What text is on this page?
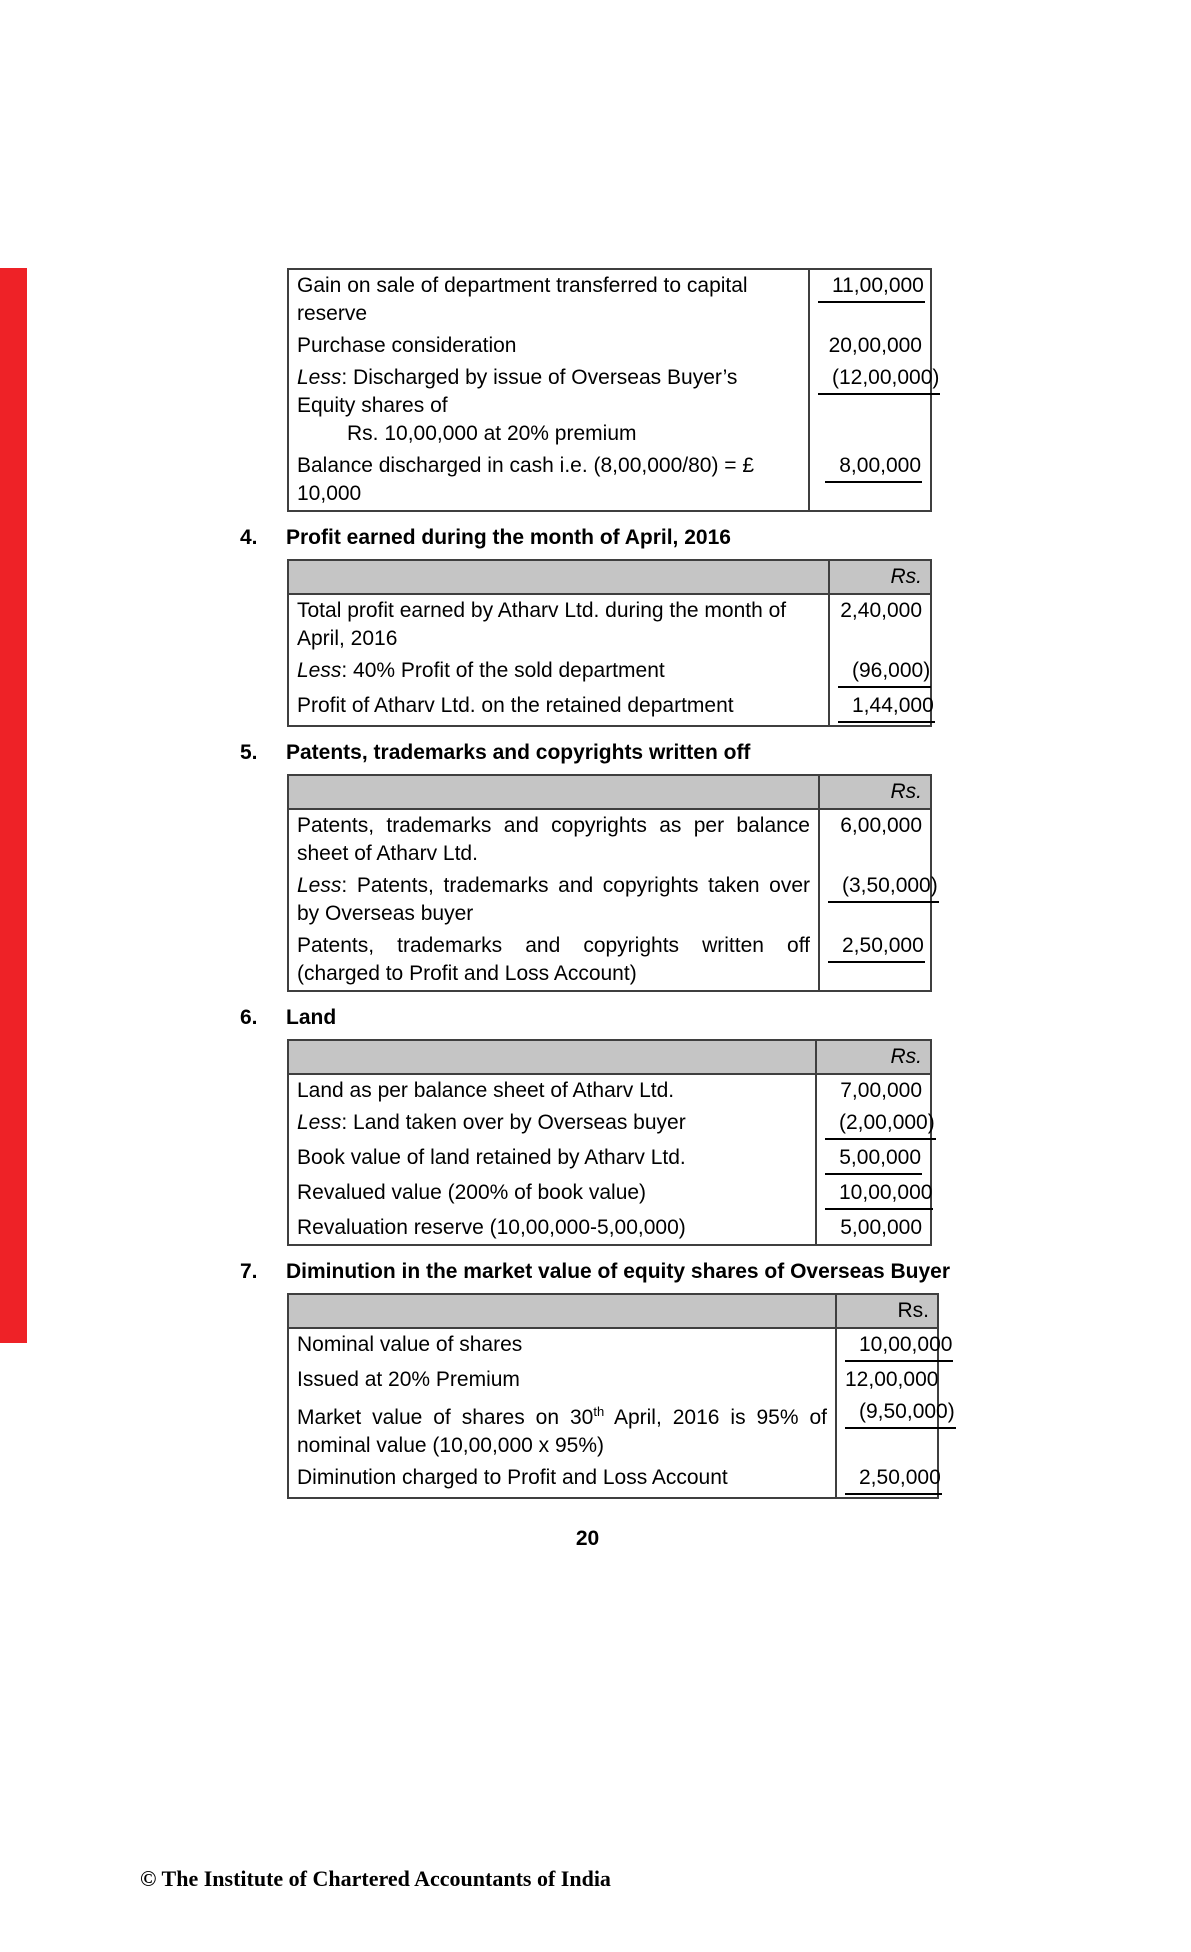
Gain on sale of department transferred to capital reserve	11,00,000
Purchase consideration	20,00,000
Less: Discharged by issue of Overseas Buyer’s Equity shares of
Rs. 10,00,000 at 20% premium	(12,00,000)
Balance discharged in cash i.e. (8,00,000/80) = £ 10,000	8,00,000
4. Profit earned during the month of April, 2016
	Rs.
Total profit earned by Atharv Ltd. during the month of April, 2016	2,40,000
Less: 40% Profit of the sold department	(96,000)
Profit of Atharv Ltd. on the retained department	1,44,000
5. Patents, trademarks and copyrights written off
	Rs.
Patents, trademarks and copyrights as per balance sheet of Atharv Ltd.	6,00,000
Less: Patents, trademarks and copyrights taken over by Overseas buyer	(3,50,000)
Patents, trademarks and copyrights written off (charged to Profit and Loss Account)	2,50,000
6. Land
	Rs.
Land as per balance sheet of Atharv Ltd.	7,00,000
Less: Land taken over by Overseas buyer	(2,00,000)
Book value of land retained by Atharv Ltd.	5,00,000
Revalued value (200% of book value)	10,00,000
Revaluation reserve (10,00,000-5,00,000)	5,00,000
7. Diminution in the market value of equity shares of Overseas Buyer
	Rs.
Nominal value of shares	10,00,000
Issued at 20% Premium	12,00,000
Market value of shares on 30th April, 2016 is 95% of nominal value (10,00,000 x 95%)	(9,50,000)
Diminution charged to Profit and Loss Account	2,50,000
20
© The Institute of Chartered Accountants of India
